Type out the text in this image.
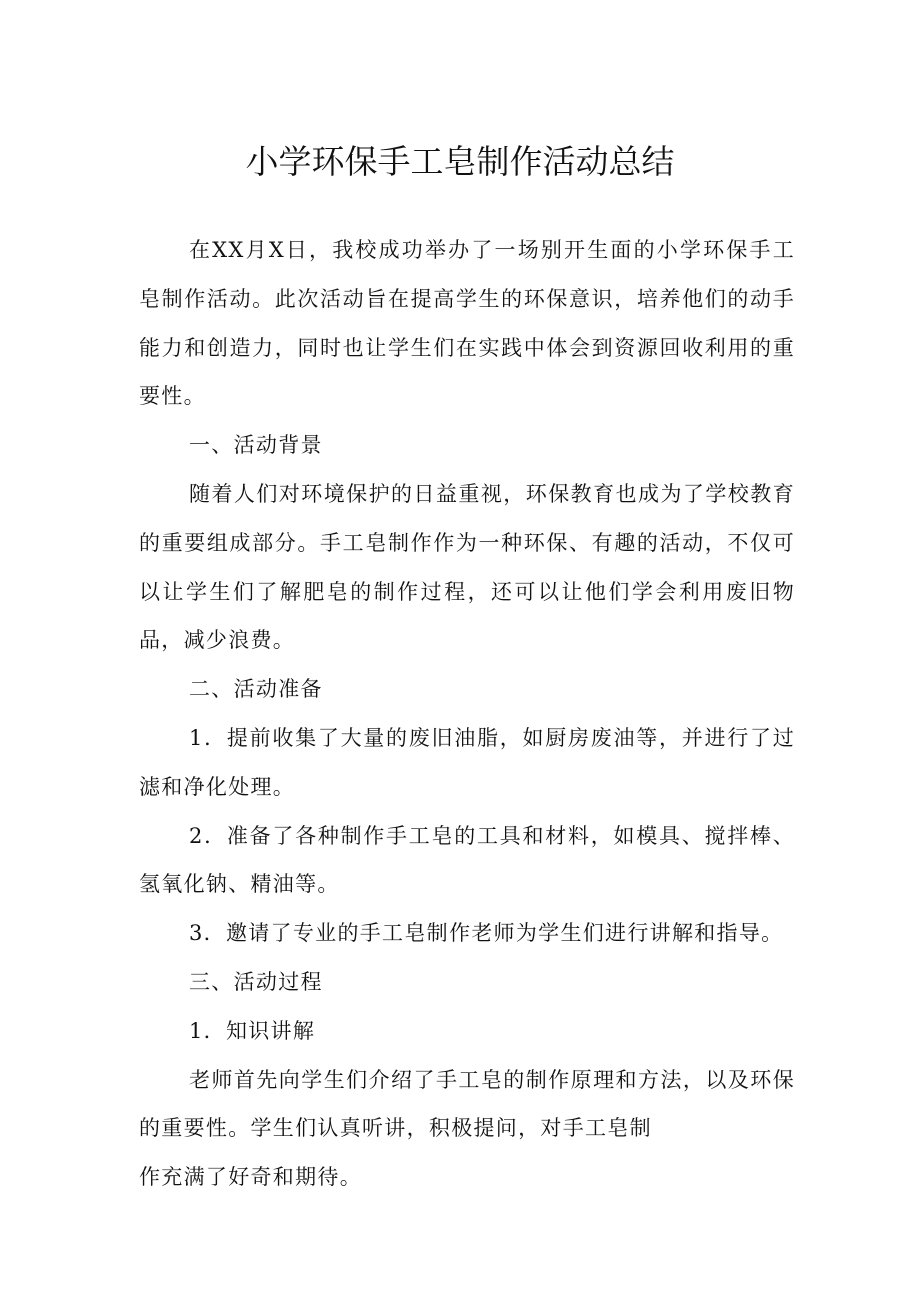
小学环保手工皂制作活动总结

在XX月X日，我校成功举办了一场别开生面的小学环保手工皂制作活动。此次活动旨在提高学生的环保意识，培养他们的动手能力和创造力，同时也让学生们在实践中体会到资源回收利用的重要性。

一、活动背景

随着人们对环境保护的日益重视，环保教育也成为了学校教育的重要组成部分。手工皂制作作为一种环保、有趣的活动，不仅可以让学生们了解肥皂的制作过程，还可以让他们学会利用废旧物品，减少浪费。

二、活动准备

1．提前收集了大量的废旧油脂，如厨房废油等，并进行了过滤和净化处理。

2．准备了各种制作手工皂的工具和材料，如模具、搅拌棒、氢氧化钠、精油等。

3．邀请了专业的手工皂制作老师为学生们进行讲解和指导。

三、活动过程

1．知识讲解

老师首先向学生们介绍了手工皂的制作原理和方法，以及环保的重要性。学生们认真听讲，积极提问，对手工皂制

作充满了好奇和期待。
